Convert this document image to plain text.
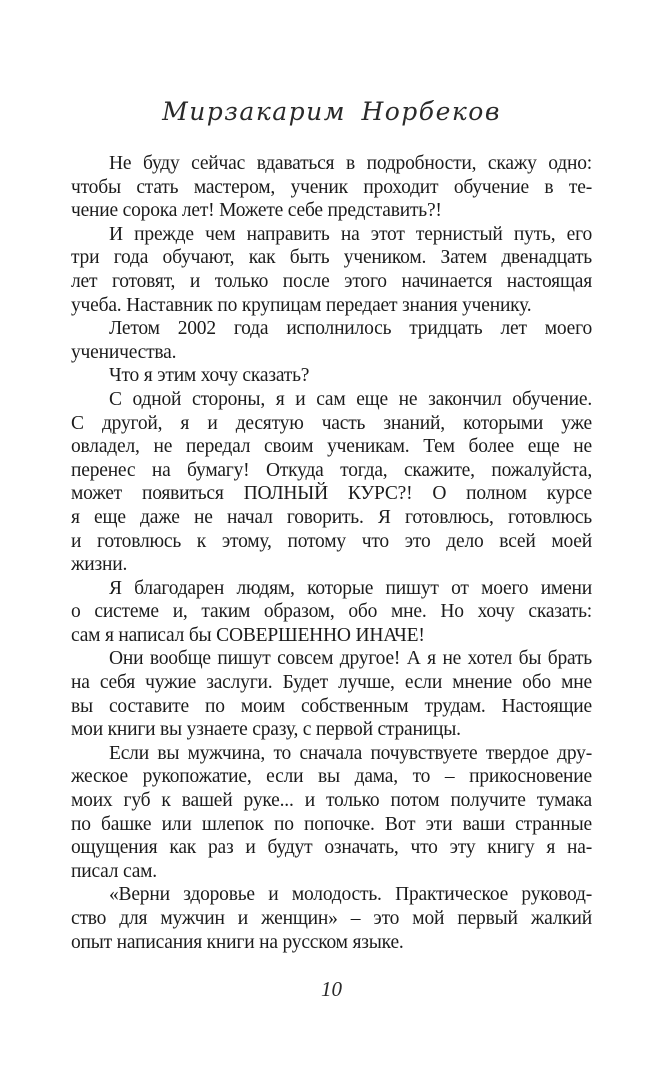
Мирзакарим Норбеков
Не буду сейчас вдаваться в подробности, скажу одно:
чтобы стать мастером, ученик проходит обучение в те-
чение сорока лет! Можете себе представить?!
И прежде чем направить на этот тернистый путь, его
три года обучают, как быть учеником. Затем двенадцать
лет готовят, и только после этого начинается настоящая
учеба. Наставник по крупицам передает знания ученику.
Летом 2002 года исполнилось тридцать лет моего
ученичества.
Что я этим хочу сказать?
С одной стороны, я и сам еще не закончил обучение.
С другой, я и десятую часть знаний, которыми уже
овладел, не передал своим ученикам. Тем более еще не
перенес на бумагу! Откуда тогда, скажите, пожалуйста,
может появиться ПОЛНЫЙ КУРС?! О полном курсе
я еще даже не начал говорить. Я готовлюсь, готовлюсь
и готовлюсь к этому, потому что это дело всей моей
жизни.
Я благодарен людям, которые пишут от моего имени
о системе и, таким образом, обо мне. Но хочу сказать:
сам я написал бы СОВЕРШЕННО ИНАЧЕ!
Они вообще пишут совсем другое! А я не хотел бы брать
на себя чужие заслуги. Будет лучше, если мнение обо мне
вы составите по моим собственным трудам. Настоящие
мои книги вы узнаете сразу, с первой страницы.
Если вы мужчина, то сначала почувствуете твердое дру-
жеское рукопожатие, если вы дама, то – прикосновение
моих губ к вашей руке... и только потом получите тумака
по башке или шлепок по попочке. Вот эти ваши странные
ощущения как раз и будут означать, что эту книгу я на-
писал сам.
«Верни здоровье и молодость. Практическое руковод-
ство для мужчин и женщин» – это мой первый жалкий
опыт написания книги на русском языке.
10
